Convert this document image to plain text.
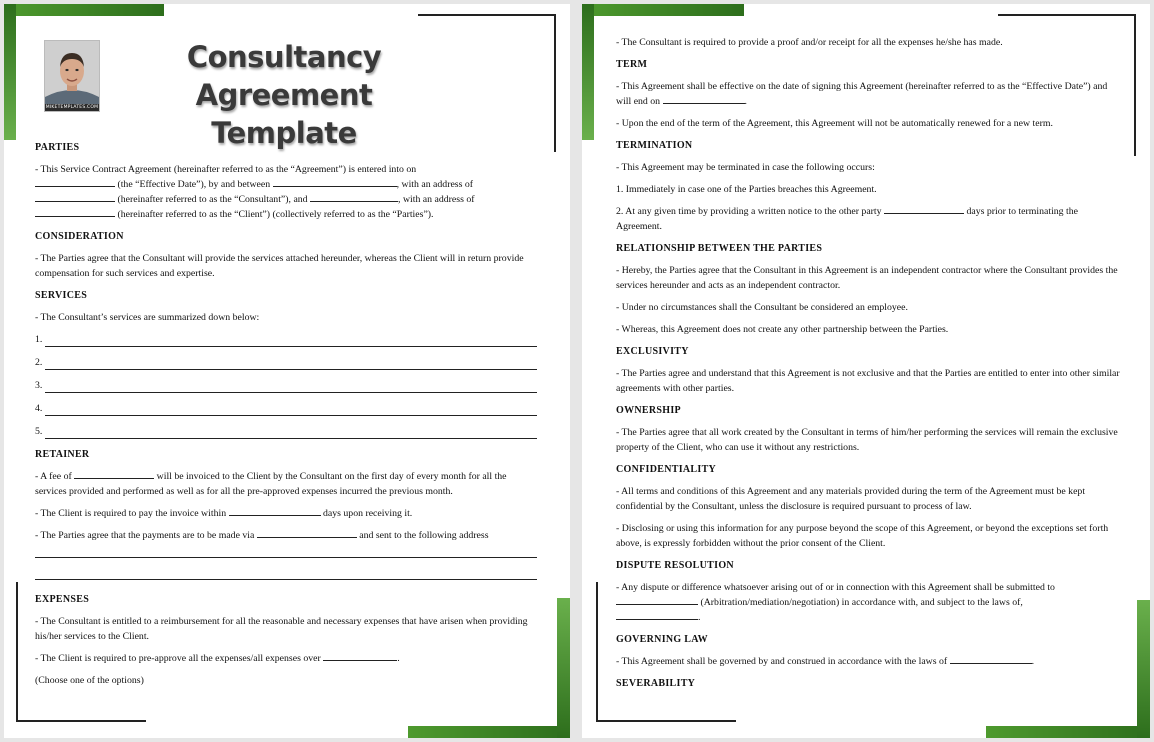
MIKETEMPLATES.COM
Consultancy Agreement
Template
PARTIES

- This Service Contract Agreement (hereinafter referred to as the “Agreement”) is entered into on
(the “Effective Date”), by and between	, with an address of
(hereinafter referred to as the “Consultant”), and	, with an address of
(hereinafter referred to as the “Client”) (collectively referred to as the “Parties”).

CONSIDERATION

- The Parties agree that the Consultant will provide the services attached hereunder, whereas the Client will in return provide compensation for such services and expertise.

SERVICES

- The Consultant’s services are summarized down below:

1.
2.
3.
4.
5.
RETAINER

- A fee of	will be invoiced to the Client by the Consultant on the first day of every month for all the services provided and performed as well as for all the pre-approved expenses incurred the previous month.

- The Client is required to pay the invoice within	days upon receiving it.

- The Parties agree that the payments are to be made via	and sent to the following address

EXPENSES

- The Consultant is entitled to a reimbursement for all the reasonable and necessary expenses that have arisen when providing his/her services to the Client.

- The Client is required to pre-approve all the expenses/all expenses over	.

(Choose one of the options)

- The Consultant is required to provide a proof and/or receipt for all the expenses he/she has made.

TERM

- This Agreement shall be effective on the date of signing this Agreement (hereinafter referred to as the “Effective Date”) and will end on	.

- Upon the end of the term of the Agreement, this Agreement will not be automatically renewed for a new term.

TERMINATION

- This Agreement may be terminated in case the following occurs:

1. Immediately in case one of the Parties breaches this Agreement.

2. At any given time by providing a written notice to the other party	days prior to terminating the Agreement.

RELATIONSHIP BETWEEN THE PARTIES

- Hereby, the Parties agree that the Consultant in this Agreement is an independent contractor where the Consultant provides the services hereunder and acts as an independent contractor.

- Under no circumstances shall the Consultant be considered an employee.

- Whereas, this Agreement does not create any other partnership between the Parties.

EXCLUSIVITY

- The Parties agree and understand that this Agreement is not exclusive and that the Parties are entitled to enter into other similar agreements with other parties.

OWNERSHIP

- The Parties agree that all work created by the Consultant in terms of him/her performing the services will remain the exclusive property of the Client, who can use it without any restrictions.

CONFIDENTIALITY

- All terms and conditions of this Agreement and any materials provided during the term of the Agreement must be kept confidential by the Consultant, unless the disclosure is required pursuant to process of law.

- Disclosing or using this information for any purpose beyond the scope of this Agreement, or beyond the exceptions set forth above, is expressly forbidden without the prior consent of the Client.

DISPUTE RESOLUTION

- Any dispute or difference whatsoever arising out of or in connection with this Agreement shall be submitted to
(Arbitration/mediation/negotiation) in accordance with, and subject to the laws of,
.

GOVERNING LAW

- This Agreement shall be governed by and construed in accordance with the laws of	.

SEVERABILITY
